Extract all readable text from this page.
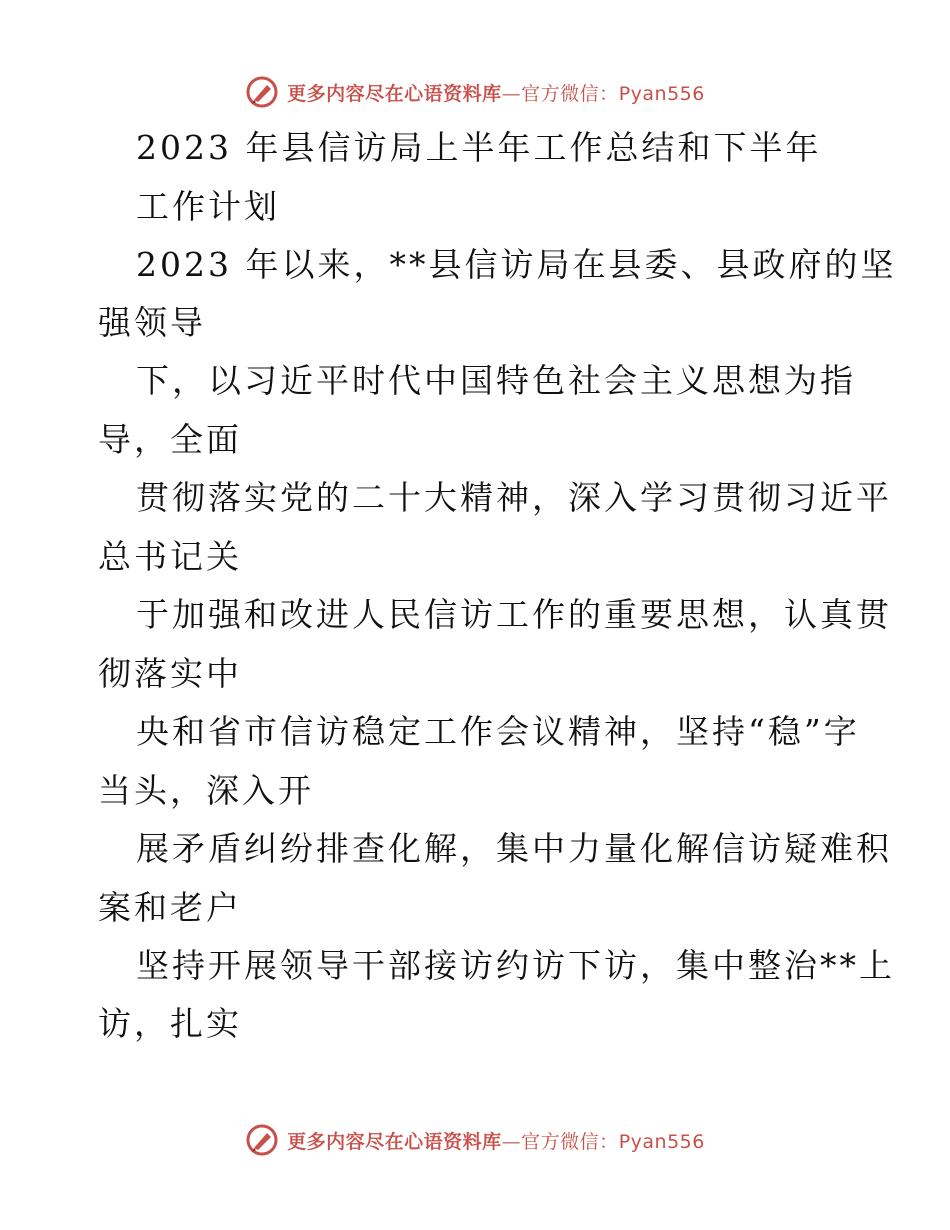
更多内容尽在心语资料库—官方微信：Pyan556
2023 年县信访局上半年工作总结和下半年
工作计划
2023 年以来，**县信访局在县委、县政府的坚
强领导
下，以习近平时代中国特色社会主义思想为指
导，全面
贯彻落实党的二十大精神，深入学习贯彻习近平
总书记关
于加强和改进人民信访工作的重要思想，认真贯
彻落实中
央和省市信访稳定工作会议精神，坚持“稳”字
当头，深入开
展矛盾纠纷排查化解，集中力量化解信访疑难积
案和老户
坚持开展领导干部接访约访下访，集中整治**上
访，扎实
更多内容尽在心语资料库—官方微信：Pyan556
